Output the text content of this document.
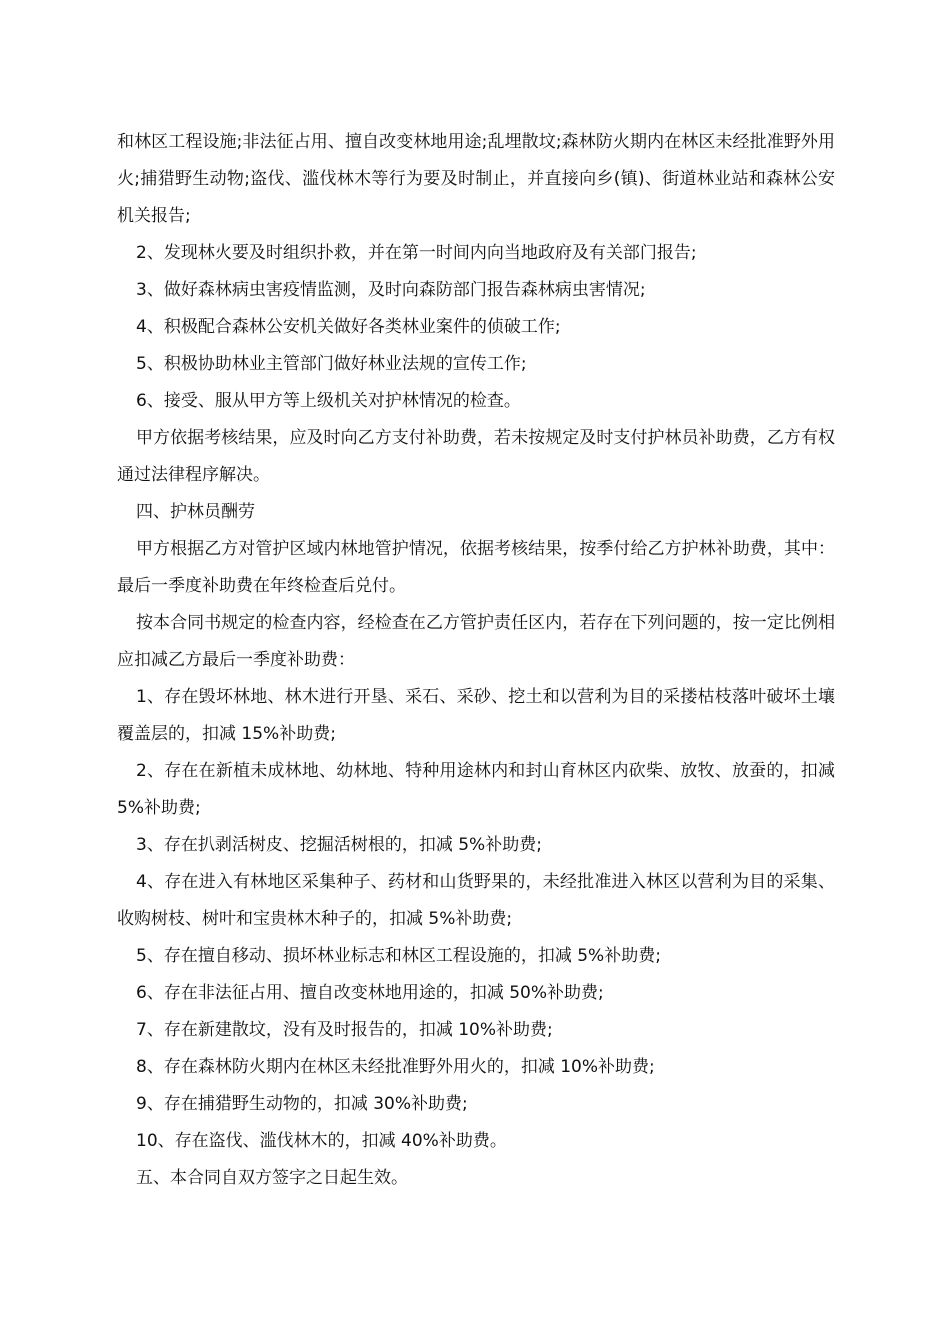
和林区工程设施;非法征占用、擅自改变林地用途;乱埋散坟;森林防火期内在林区未经批准野外用火;捕猎野生动物;盗伐、滥伐林木等行为要及时制止，并直接向乡(镇)、街道林业站和森林公安机关报告;

2、发现林火要及时组织扑救，并在第一时间内向当地政府及有关部门报告;

3、做好森林病虫害疫情监测，及时向森防部门报告森林病虫害情况;

4、积极配合森林公安机关做好各类林业案件的侦破工作;

5、积极协助林业主管部门做好林业法规的宣传工作;

6、接受、服从甲方等上级机关对护林情况的检查。

甲方依据考核结果，应及时向乙方支付补助费，若未按规定及时支付护林员补助费，乙方有权通过法律程序解决。

四、护林员酬劳

甲方根据乙方对管护区域内林地管护情况，依据考核结果，按季付给乙方护林补助费，其中：最后一季度补助费在年终检查后兑付。

按本合同书规定的检查内容，经检查在乙方管护责任区内，若存在下列问题的，按一定比例相应扣减乙方最后一季度补助费：

1、存在毁坏林地、林木进行开垦、采石、采砂、挖土和以营利为目的采搂枯枝落叶破坏土壤覆盖层的，扣减 15%补助费;

2、存在在新植未成林地、幼林地、特种用途林内和封山育林区内砍柴、放牧、放蚕的，扣减 5%补助费;

3、存在扒剥活树皮、挖掘活树根的，扣减 5%补助费;

4、存在进入有林地区采集种子、药材和山货野果的，未经批准进入林区以营利为目的采集、收购树枝、树叶和宝贵林木种子的，扣减 5%补助费;

5、存在擅自移动、损坏林业标志和林区工程设施的，扣减 5%补助费;

6、存在非法征占用、擅自改变林地用途的，扣减 50%补助费;

7、存在新建散坟，没有及时报告的，扣减 10%补助费;

8、存在森林防火期内在林区未经批准野外用火的，扣减 10%补助费;

9、存在捕猎野生动物的，扣减 30%补助费;

10、存在盗伐、滥伐林木的，扣减 40%补助费。

五、本合同自双方签字之日起生效。
